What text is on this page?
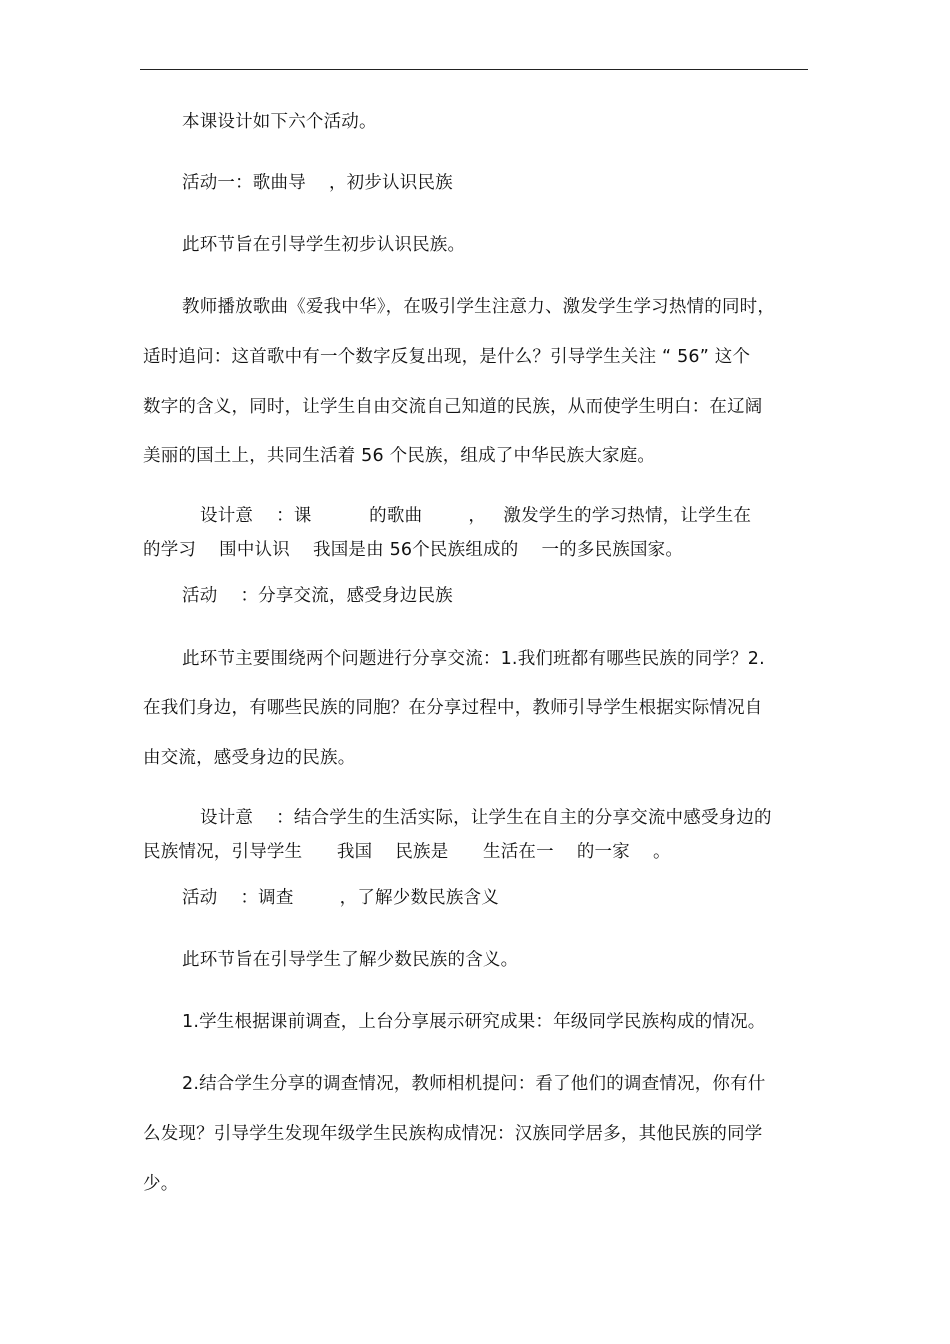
本课设计如下六个活动。
活动一：歌曲导    ，初步认识民族
此环节旨在引导学生初步认识民族。
教师播放歌曲《爱我中华》，在吸引学生注意力、激发学生学习热情的同时，
适时追问：这首歌中有一个数字反复出现，是什么？引导学生关注 “ 56” 这个
数字的含义，同时，让学生自由交流自己知道的民族，从而使学生明白：在辽阔
美丽的国土上，共同生活着 56 个民族，组成了中华民族大家庭。
设计意    ：课          的歌曲        ，   激发学生的学习热情，让学生在
的学习    围中认识    我国是由 56个民族组成的    一的多民族国家。
活动    ：分享交流，感受身边民族
此环节主要围绕两个问题进行分享交流：1.我们班都有哪些民族的同学？2.
在我们身边，有哪些民族的同胞？在分享过程中，教师引导学生根据实际情况自
由交流，感受身边的民族。
设计意    ：结合学生的生活实际，让学生在自主的分享交流中感受身边的
民族情况，引导学生      我国    民族是      生活在一    的一家    。
活动    ：调查        ，了解少数民族含义
此环节旨在引导学生了解少数民族的含义。
1.学生根据课前调查，上台分享展示研究成果：年级同学民族构成的情况。
2.结合学生分享的调查情况，教师相机提问：看了他们的调查情况，你有什
么发现？引导学生发现年级学生民族构成情况：汉族同学居多，其他民族的同学
少。
